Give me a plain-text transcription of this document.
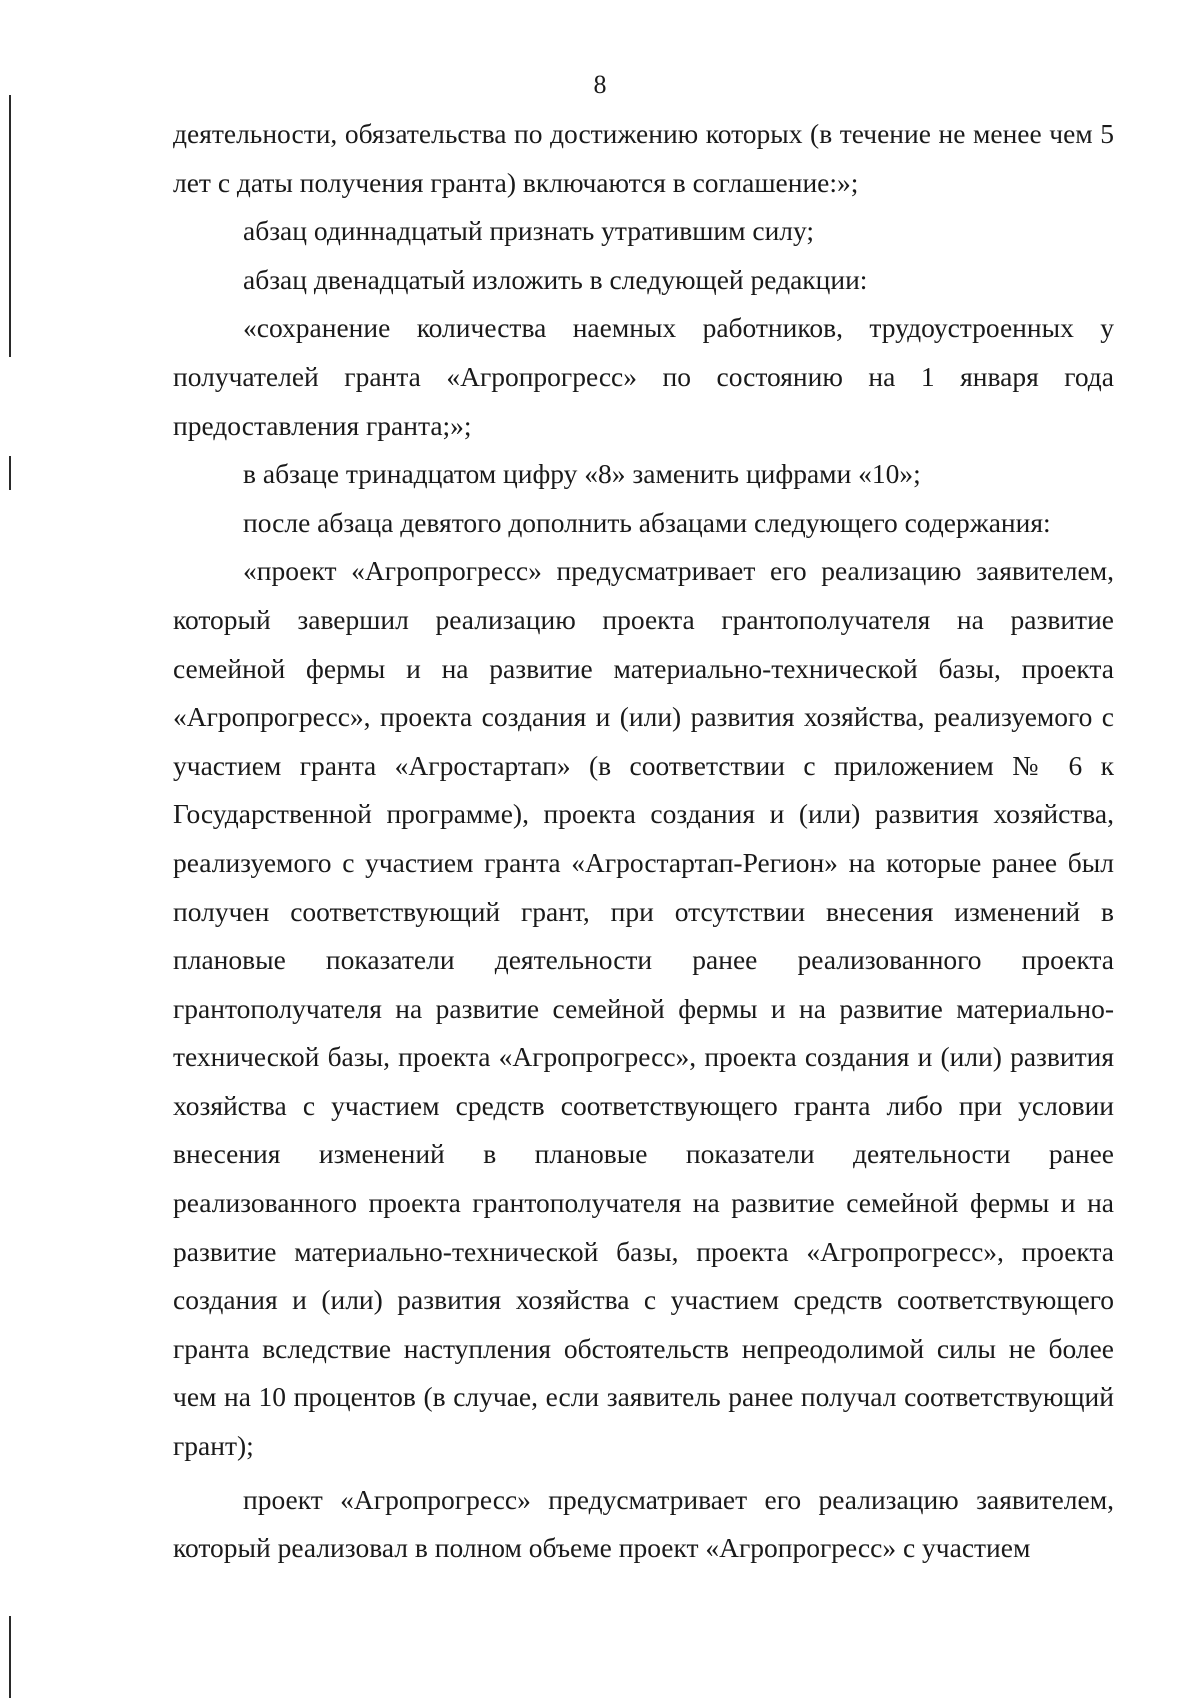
8

деятельности, обязательства по достижению которых (в течение не менее чем 5 лет с даты получения гранта) включаются в соглашение:»;

абзац одиннадцатый признать утратившим силу;

абзац двенадцатый изложить в следующей редакции:

«сохранение количества наемных работников, трудоустроенных у получателей гранта «Агропрогресс» по состоянию на 1 января года предоставления гранта;»;

в абзаце тринадцатом цифру «8» заменить цифрами «10»;

после абзаца девятого дополнить абзацами следующего содержания:

«проект «Агропрогресс» предусматривает его реализацию заявителем, который завершил реализацию проекта грантополучателя на развитие семейной фермы и на развитие материально-технической базы, проекта «Агропрогресс», проекта создания и (или) развития хозяйства, реализуемого с участием гранта «Агростартап» (в соответствии с приложением № 6 к Государственной программе), проекта создания и (или) развития хозяйства, реализуемого с участием гранта «Агростартап-Регион» на которые ранее был получен соответствующий грант, при отсутствии внесения изменений в плановые показатели деятельности ранее реализованного проекта грантополучателя на развитие семейной фермы и на развитие материально-технической базы, проекта «Агропрогресс», проекта создания и (или) развития хозяйства с участием средств соответствующего гранта либо при условии внесения изменений в плановые показатели деятельности ранее реализованного проекта грантополучателя на развитие семейной фермы и на развитие материально-технической базы, проекта «Агропрогресс», проекта создания и (или) развития хозяйства с участием средств соответствующего гранта вследствие наступления обстоятельств непреодолимой силы не более чем на 10 процентов (в случае, если заявитель ранее получал соответствующий грант);

проект «Агропрогресс» предусматривает его реализацию заявителем, который реализовал в полном объеме проект «Агропрогресс» с участием
